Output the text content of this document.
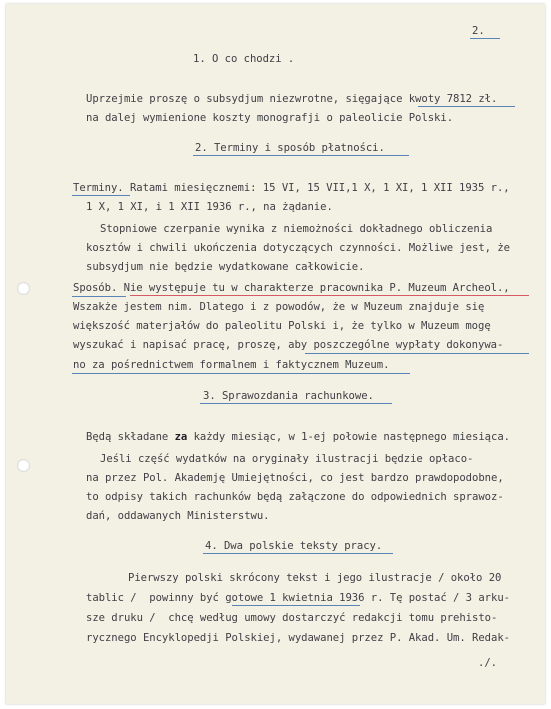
2.
1. O co chodzi .
Uprzejmie proszę o subsydjum niezwrotne, sięgające kwoty 7812 zł.
na dalej wymienione koszty monografji o paleolicie Polski.
2. Terminy i sposób płatności.
Terminy. Ratami miesięcznemi: 15 VI, 15 VII,1 X, 1 XI, 1 XII 1935 r.,
1 X, 1 XI, i 1 XII 1936 r., na żądanie.
Stopniowe czerpanie wynika z niemożności dokładnego obliczenia
kosztów i chwili ukończenia dotyczących czynności. Możliwe jest, że
subsydjum nie będzie wydatkowane całkowicie.
Sposób. Nie występuje tu w charakterze pracownika P. Muzeum Archeol.,
Wszakże jestem nim. Dlatego i z powodów, że w Muzeum znajduje się
większość materjałów do paleolitu Polski i, że tylko w Muzeum mogę
wyszukać i napisać pracę, proszę, aby poszczególne wypłaty dokonywa-
no za pośrednictwem formalnem i faktycznem Muzeum.
3. Sprawozdania rachunkowe.
Będą składane za każdy miesiąc, w 1-ej połowie następnego miesiąca.
Jeśli część wydatków na oryginały ilustracji będzie opłaco-
na przez Pol. Akademję Umiejętności, co jest bardzo prawdopodobne,
to odpisy takich rachunków będą załączone do odpowiednich sprawoz-
dań, oddawanych Ministerstwu.
4. Dwa polskie teksty pracy.
Pierwszy polski skrócony tekst i jego ilustracje / około 20
tablic /  powinny być gotowe 1 kwietnia 1936 r. Tę postać / 3 arku-
sze druku /  chcę według umowy dostarczyć redakcji tomu prehisto-
rycznego Encyklopedji Polskiej, wydawanej przez P. Akad. Um. Redak-
./.
